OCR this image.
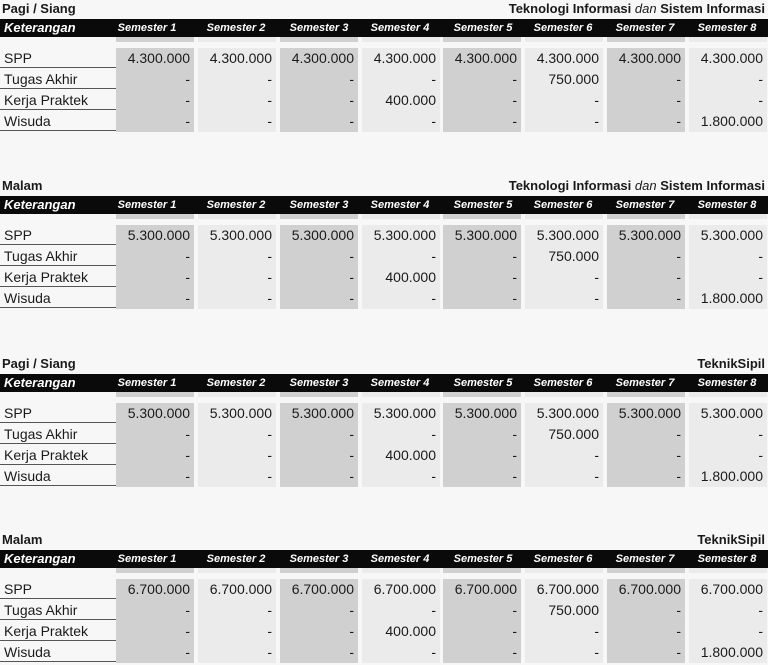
Pagi / Siang	Teknologi Informasi dan Sistem Informasi
Keterangan	Semester 1	Semester 2	Semester 3	Semester 4	Semester 5	Semester 6	Semester 7	Semester 8
SPP	4.300.000	4.300.000	4.300.000	4.300.000	4.300.000	4.300.000	4.300.000	4.300.000
Tugas Akhir	-	-	-	-	-	750.000	-	-
Kerja Praktek	-	-	-	400.000	-	-	-	-
Wisuda	-	-	-	-	-	-	-	1.800.000
Malam	Teknologi Informasi dan Sistem Informasi
Keterangan	Semester 1	Semester 2	Semester 3	Semester 4	Semester 5	Semester 6	Semester 7	Semester 8
SPP	5.300.000	5.300.000	5.300.000	5.300.000	5.300.000	5.300.000	5.300.000	5.300.000
Tugas Akhir	-	-	-	-	-	750.000	-	-
Kerja Praktek	-	-	-	400.000	-	-	-	-
Wisuda	-	-	-	-	-	-	-	1.800.000
Pagi / Siang	TeknikSipil
Keterangan	Semester 1	Semester 2	Semester 3	Semester 4	Semester 5	Semester 6	Semester 7	Semester 8
SPP	5.300.000	5.300.000	5.300.000	5.300.000	5.300.000	5.300.000	5.300.000	5.300.000
Tugas Akhir	-	-	-	-	-	750.000	-	-
Kerja Praktek	-	-	-	400.000	-	-	-	-
Wisuda	-	-	-	-	-	-	-	1.800.000
Malam	TeknikSipil
Keterangan	Semester 1	Semester 2	Semester 3	Semester 4	Semester 5	Semester 6	Semester 7	Semester 8
SPP	6.700.000	6.700.000	6.700.000	6.700.000	6.700.000	6.700.000	6.700.000	6.700.000
Tugas Akhir	-	-	-	-	-	750.000	-	-
Kerja Praktek	-	-	-	400.000	-	-	-	-
Wisuda	-	-	-	-	-	-	-	1.800.000
